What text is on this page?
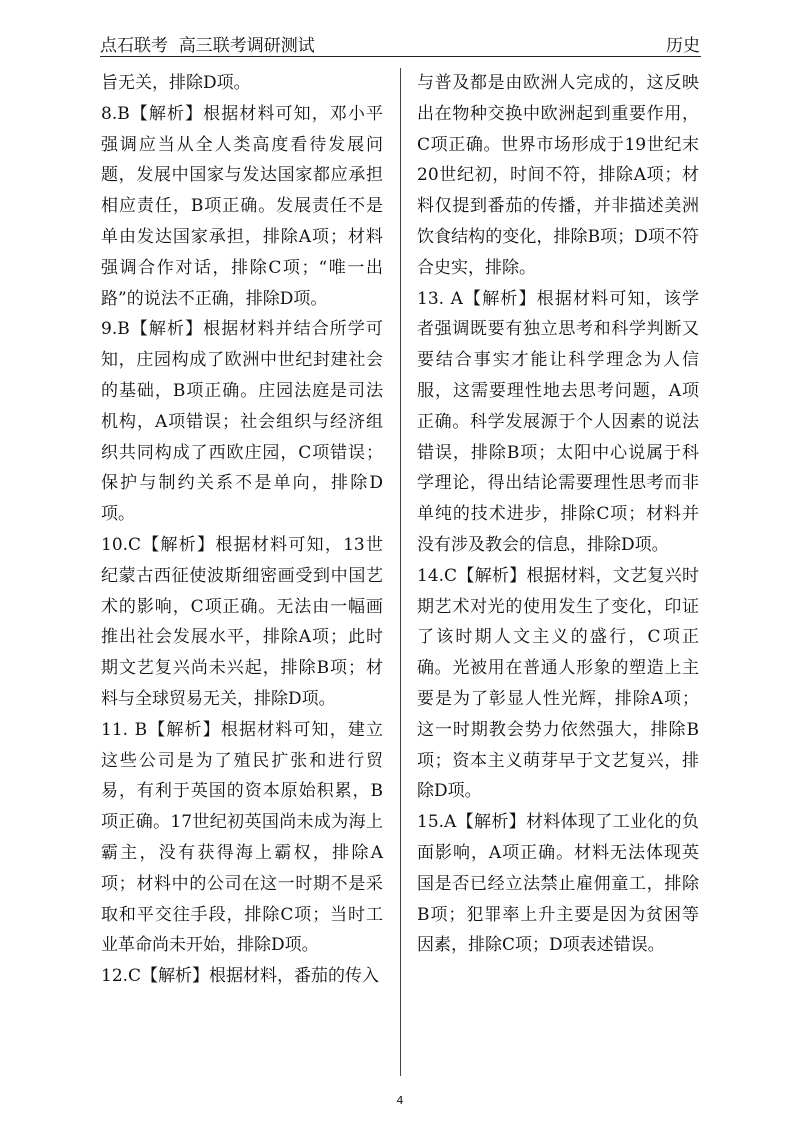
点石联考  高三联考调研测试	历史

旨无关，排除D项。

8.B【解析】根据材料可知，邓小平强调应当从全人类高度看待发展问题，发展中国家与发达国家都应承担相应责任，B项正确。发展责任不是单由发达国家承担，排除A项；材料强调合作对话，排除C项；“唯一出路”的说法不正确，排除D项。

9.B【解析】根据材料并结合所学可知，庄园构成了欧洲中世纪封建社会的基础，B项正确。庄园法庭是司法机构，A项错误；社会组织与经济组织共同构成了西欧庄园，C项错误；保护与制约关系不是单向，排除D项。

10.C【解析】根据材料可知，13世纪蒙古西征使波斯细密画受到中国艺术的影响，C项正确。无法由一幅画推出社会发展水平，排除A项；此时期文艺复兴尚未兴起，排除B项；材料与全球贸易无关，排除D项。

11. B【解析】根据材料可知，建立这些公司是为了殖民扩张和进行贸易，有利于英国的资本原始积累，B项正确。17世纪初英国尚未成为海上霸主，没有获得海上霸权，排除A项；材料中的公司在这一时期不是采取和平交往手段，排除C项；当时工业革命尚未开始，排除D项。

12.C【解析】根据材料，番茄的传入

与普及都是由欧洲人完成的，这反映出在物种交换中欧洲起到重要作用，C项正确。世界市场形成于19世纪末20世纪初，时间不符，排除A项；材料仅提到番茄的传播，并非描述美洲饮食结构的变化，排除B项；D项不符合史实，排除。

13. A【解析】根据材料可知，该学者强调既要有独立思考和科学判断又要结合事实才能让科学理念为人信服，这需要理性地去思考问题，A项正确。科学发展源于个人因素的说法错误，排除B项；太阳中心说属于科学理论，得出结论需要理性思考而非单纯的技术进步，排除C项；材料并没有涉及教会的信息，排除D项。

14.C【解析】根据材料，文艺复兴时期艺术对光的使用发生了变化，印证了该时期人文主义的盛行，C项正确。光被用在普通人形象的塑造上主要是为了彰显人性光辉，排除A项；这一时期教会势力依然强大，排除B项；资本主义萌芽早于文艺复兴，排除D项。

15.A【解析】材料体现了工业化的负面影响，A项正确。材料无法体现英国是否已经立法禁止雇佣童工，排除B项；犯罪率上升主要是因为贫困等因素，排除C项；D项表述错误。

4
